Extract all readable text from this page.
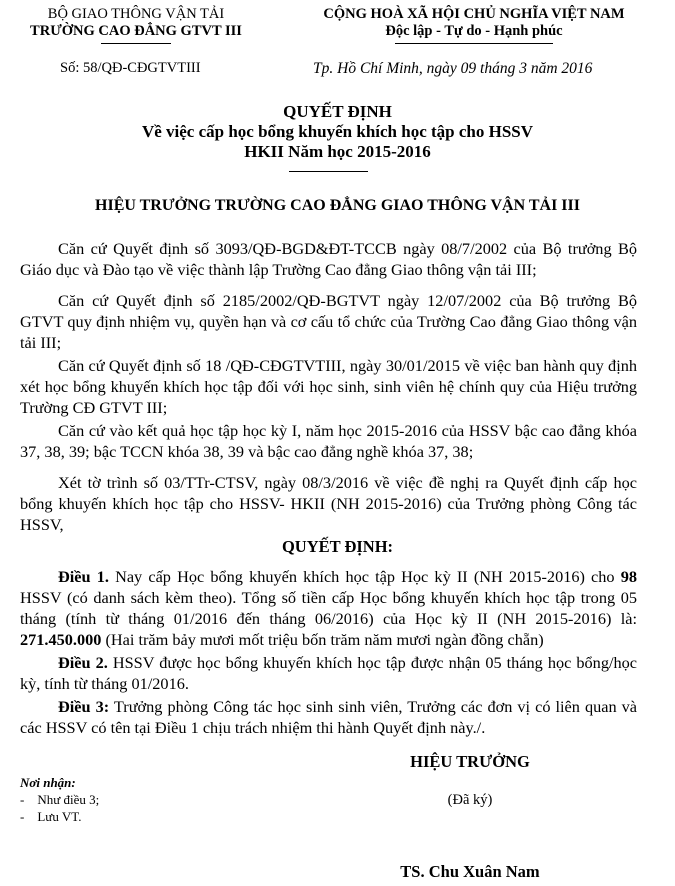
BỘ GIAO THÔNG VẬN TẢI
TRƯỜNG CAO ĐẲNG GTVT III
Số: 58/QĐ-CĐGTVTIII
CỘNG HOÀ XÃ HỘI CHỦ NGHĨA VIỆT NAM
Độc lập - Tự do - Hạnh phúc
Tp. Hồ Chí Minh, ngày 09 tháng 3 năm 2016
QUYẾT ĐỊNH
Về việc cấp học bổng khuyến khích học tập cho HSSV
HKII Năm học 2015-2016
HIỆU TRƯỞNG TRƯỜNG CAO ĐẲNG GIAO THÔNG VẬN TẢI III
Căn cứ Quyết định số 3093/QĐ-BGD&ĐT-TCCB ngày 08/7/2002 của Bộ trưởng Bộ Giáo dục và Đào tạo về việc thành lập Trường Cao đẳng Giao thông vận tải III;
Căn cứ Quyết định số 2185/2002/QĐ-BGTVT ngày 12/07/2002 của Bộ trưởng Bộ GTVT quy định nhiệm vụ, quyền hạn và cơ cấu tổ chức của Trường Cao đẳng Giao thông vận tải III;
Căn cứ Quyết định số 18 /QĐ-CĐGTVTIII, ngày 30/01/2015 về việc ban hành quy định xét học bổng khuyến khích học tập đối với học sinh, sinh viên hệ chính quy của Hiệu trưởng Trường CĐ GTVT III;
Căn cứ vào kết quả học tập học kỳ I, năm học 2015-2016 của HSSV bậc cao đẳng khóa 37, 38, 39; bậc TCCN khóa 38, 39 và bậc cao đẳng nghề khóa 37, 38;
Xét tờ trình số 03/TTr-CTSV, ngày 08/3/2016 về việc đề nghị ra Quyết định cấp học bổng khuyến khích học tập cho HSSV- HKII (NH 2015-2016) của Trưởng phòng Công tác HSSV,
QUYẾT ĐỊNH:
Điều 1. Nay cấp Học bổng khuyến khích học tập Học kỳ II (NH 2015-2016) cho 98 HSSV (có danh sách kèm theo). Tổng số tiền cấp Học bổng khuyến khích học tập trong 05 tháng (tính từ tháng 01/2016 đến tháng 06/2016) của Học kỳ II (NH 2015-2016) là: 271.450.000 (Hai trăm bảy mươi mốt triệu bốn trăm năm mươi ngàn đồng chẵn)
Điều 2. HSSV được học bổng khuyến khích học tập được nhận 05 tháng học bổng/học kỳ, tính từ tháng 01/2016.
Điều 3: Trưởng phòng Công tác học sinh sinh viên, Trưởng các đơn vị có liên quan và các HSSV có tên tại Điều 1 chịu trách nhiệm thi hành Quyết định này./.
Nơi nhận:
-    Như điều 3;
-    Lưu VT.
HIỆU TRƯỞNG
(Đã ký)
TS. Chu Xuân Nam
